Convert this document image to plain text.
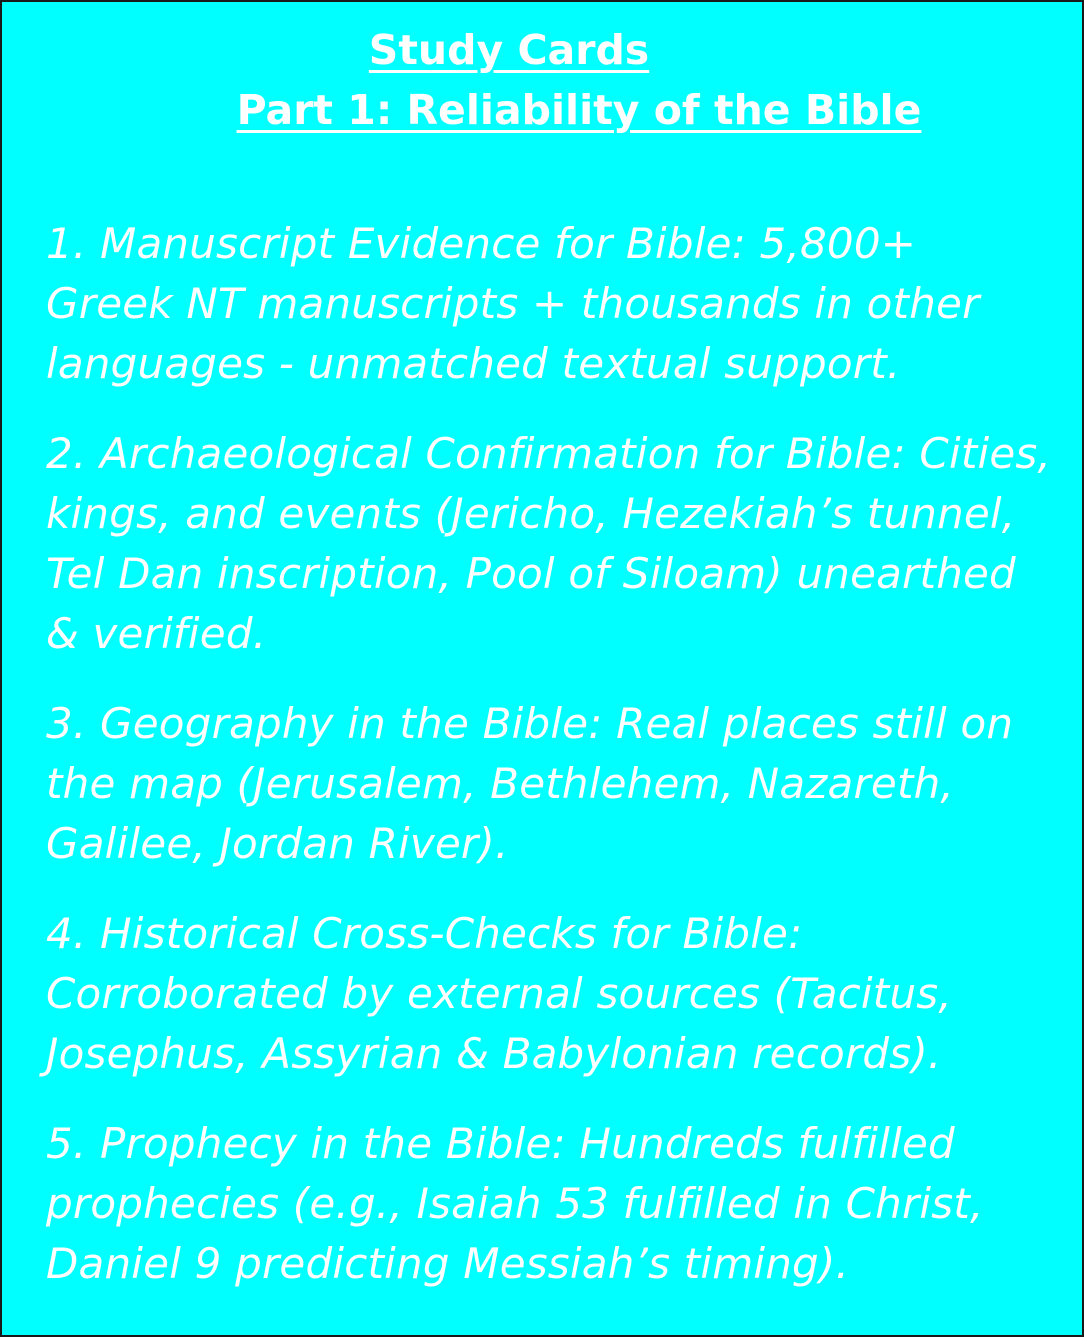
Study Cards
Part 1: Reliability of the Bible

1. Manuscript Evidence for Bible: 5,800+ Greek NT manuscripts + thousands in other languages - unmatched textual support.

2. Archaeological Confirmation for Bible: Cities, kings, and events (Jericho, Hezekiah’s tunnel, Tel Dan inscription, Pool of Siloam) unearthed & verified.

3. Geography in the Bible: Real places still on the map (Jerusalem, Bethlehem, Nazareth, Galilee, Jordan River).

4. Historical Cross-Checks for Bible: Corroborated by external sources (Tacitus, Josephus, Assyrian & Babylonian records).

5. Prophecy in the Bible: Hundreds fulfilled prophecies (e.g., Isaiah 53 fulfilled in Christ, Daniel 9 predicting Messiah’s timing).
